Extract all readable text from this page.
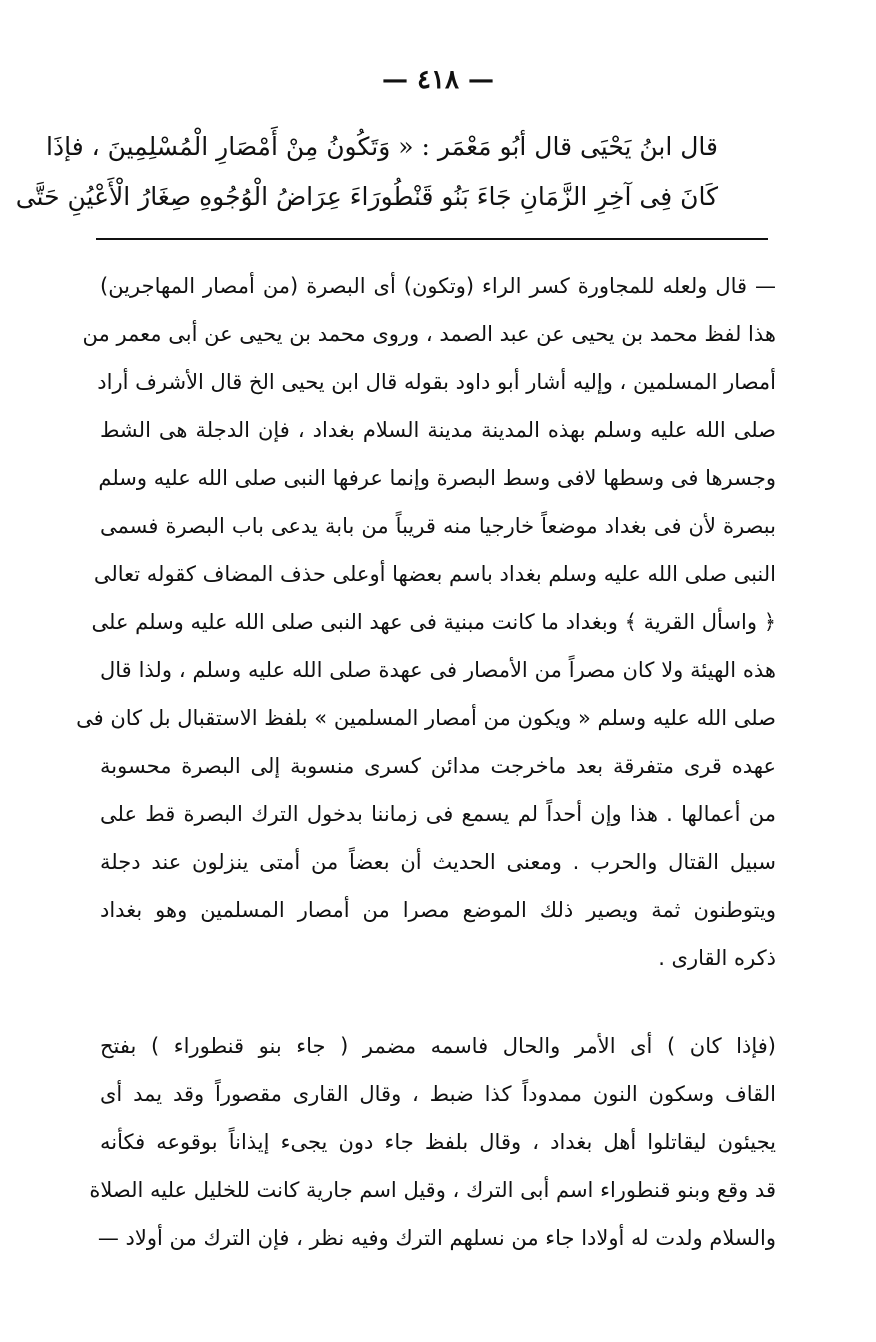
— ٤١٨ —
قال ابنُ يَحْيَى قال أبُو مَعْمَر : « وَتَكُونُ مِنْ أَمْصَارِ الْمُسْلِمِينَ ، فإذَا
كَانَ فِى آخِرِ الزَّمَانِ جَاءَ بَنُو قَنْطُورَاءَ عِرَاضُ الْوُجُوهِ صِغَارُ الْأَعْيُنِ حَتَّى
— قال ولعله للمجاورة كسر الراء (وتكون) أى البصرة (من أمصار المهاجرين)
هذا لفظ محمد بن يحيى عن عبد الصمد ، وروى محمد بن يحيى عن أبى معمر من
أمصار المسلمين ، وإليه أشار أبو داود بقوله قال ابن يحيى الخ قال الأشرف أراد
صلى الله عليه وسلم بهذه المدينة مدينة السلام بغداد ، فإن الدجلة هى الشط
وجسرها فى وسطها لافى وسط البصرة وإنما عرفها النبى صلى الله عليه وسلم
ببصرة لأن فى بغداد موضعاً خارجيا منه قريباً من بابة يدعى باب البصرة فسمى
النبى صلى الله عليه وسلم بغداد باسم بعضها أوعلى حذف المضاف كقوله تعالى
﴿ واسأل القرية ﴾ وبغداد ما كانت مبنية فى عهد النبى صلى الله عليه وسلم على
هذه الهيئة ولا كان مصراً من الأمصار فى عهدة صلى الله عليه وسلم ، ولذا قال
صلى الله عليه وسلم « ويكون من أمصار المسلمين » بلفظ الاستقبال بل كان فى
عهده قرى متفرقة بعد ماخرجت مدائن كسرى منسوبة إلى البصرة محسوبة
من أعمالها . هذا وإن أحداً لم يسمع فى زماننا بدخول الترك البصرة قط على
سبيل القتال والحرب . ومعنى الحديث أن بعضاً من أمتى ينزلون عند دجلة
ويتوطنون ثمة ويصير ذلك الموضع مصرا من أمصار المسلمين وهو بغداد
ذكره القارى .
(فإذا كان ) أى الأمر والحال فاسمه مضمر ( جاء بنو قنطوراء ) بفتح
القاف وسكون النون ممدوداً كذا ضبط ، وقال القارى مقصوراً وقد يمد أى
يجيئون ليقاتلوا أهل بغداد ، وقال بلفظ جاء دون يجىء إيذاناً بوقوعه فكأنه
قد وقع وبنو قنطوراء اسم أبى الترك ، وقيل اسم جارية كانت للخليل عليه الصلاة
والسلام ولدت له أولادا جاء من نسلهم الترك وفيه نظر ، فإن الترك من أولاد —
